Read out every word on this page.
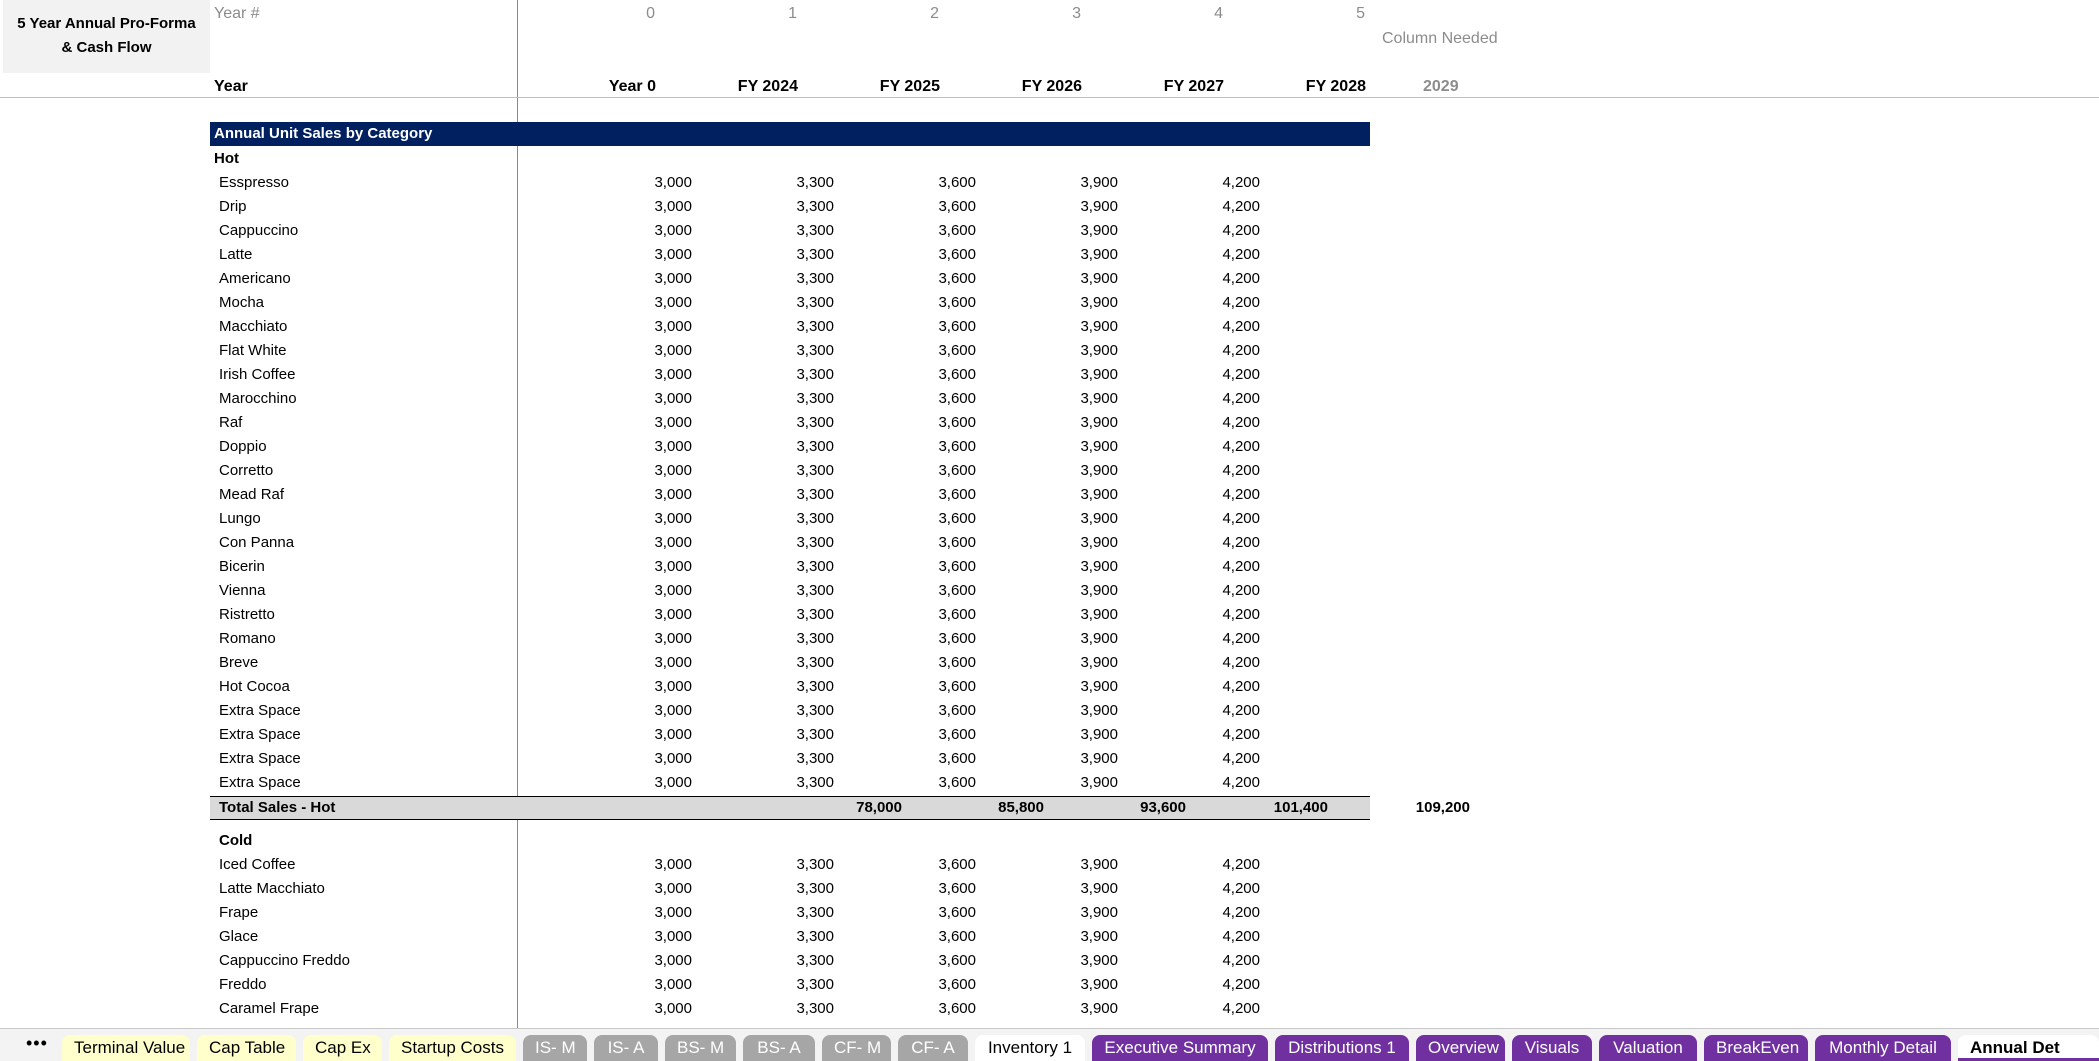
5 Year Annual Pro-Forma
& Cash Flow
Year #	0	1	2	3	4	5
Column Needed
Year	Year 0	FY 2024	FY 2025	FY 2026	FY 2027	FY 2028	2029
Annual Unit Sales by Category
Hot
Esspresso	3,000	3,300	3,600	3,900	4,200
Drip	3,000	3,300	3,600	3,900	4,200
Cappuccino	3,000	3,300	3,600	3,900	4,200
Latte	3,000	3,300	3,600	3,900	4,200
Americano	3,000	3,300	3,600	3,900	4,200
Mocha	3,000	3,300	3,600	3,900	4,200
Macchiato	3,000	3,300	3,600	3,900	4,200
Flat White	3,000	3,300	3,600	3,900	4,200
Irish Coffee	3,000	3,300	3,600	3,900	4,200
Marocchino	3,000	3,300	3,600	3,900	4,200
Raf	3,000	3,300	3,600	3,900	4,200
Doppio	3,000	3,300	3,600	3,900	4,200
Corretto	3,000	3,300	3,600	3,900	4,200
Mead Raf	3,000	3,300	3,600	3,900	4,200
Lungo	3,000	3,300	3,600	3,900	4,200
Con Panna	3,000	3,300	3,600	3,900	4,200
Bicerin	3,000	3,300	3,600	3,900	4,200
Vienna	3,000	3,300	3,600	3,900	4,200
Ristretto	3,000	3,300	3,600	3,900	4,200
Romano	3,000	3,300	3,600	3,900	4,200
Breve	3,000	3,300	3,600	3,900	4,200
Hot Cocoa	3,000	3,300	3,600	3,900	4,200
Extra Space	3,000	3,300	3,600	3,900	4,200
Extra Space	3,000	3,300	3,600	3,900	4,200
Extra Space	3,000	3,300	3,600	3,900	4,200
Extra Space	3,000	3,300	3,600	3,900	4,200
Total Sales - Hot	78,000	85,800	93,600	101,400	109,200
Cold
Iced Coffee	3,000	3,300	3,600	3,900	4,200
Latte Macchiato	3,000	3,300	3,600	3,900	4,200
Frape	3,000	3,300	3,600	3,900	4,200
Glace	3,000	3,300	3,600	3,900	4,200
Cappuccino Freddo	3,000	3,300	3,600	3,900	4,200
Freddo	3,000	3,300	3,600	3,900	4,200
Caramel Frape	3,000	3,300	3,600	3,900	4,200
•••	Terminal Value	Cap Table	Cap Ex	Startup Costs	IS- M	IS- A	BS- M	BS- A	CF- M	CF- A	Inventory 1	Executive Summary	Distributions 1	Overview	Visuals	Valuation	BreakEven	Monthly Detail	Annual Det
